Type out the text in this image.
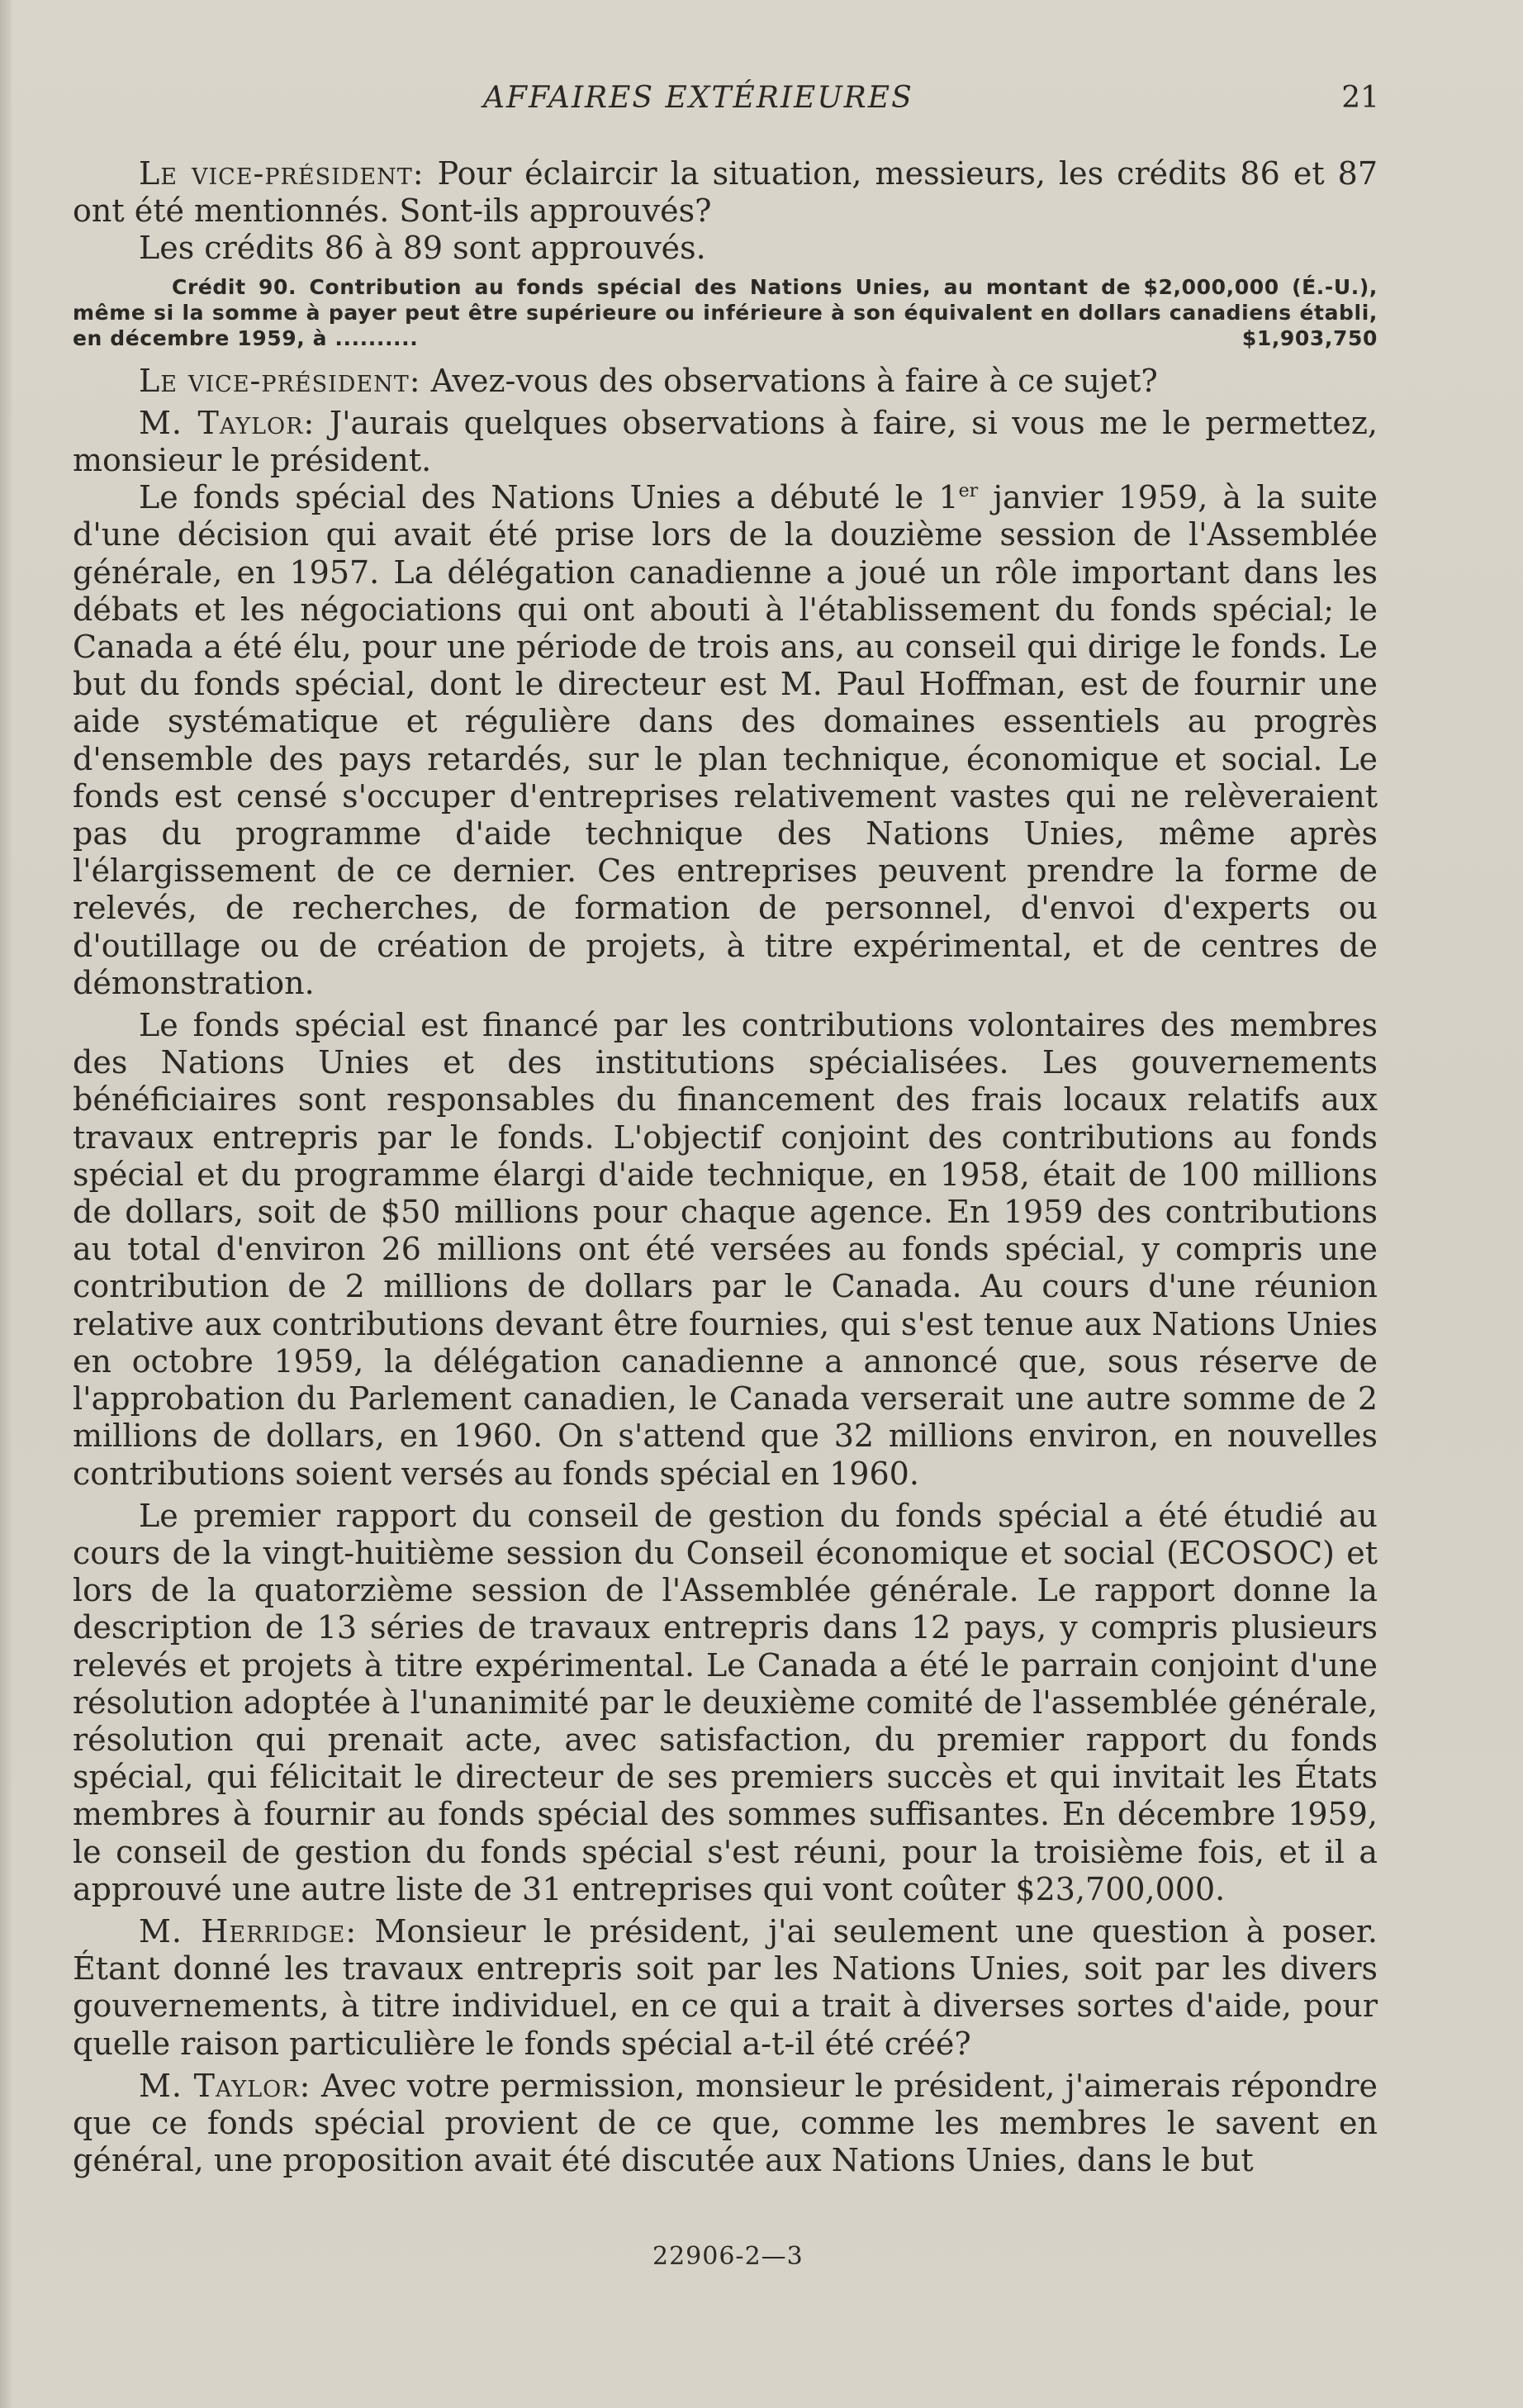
AFFAIRES EXTÉRIEURES	21

Le vice-président: Pour éclaircir la situation, messieurs, les crédits 86 et 87 ont été mentionnés. Sont-ils approuvés?

Les crédits 86 à 89 sont approuvés.

Crédit 90. Contribution au fonds spécial des Nations Unies, au montant de $2,000,000 (É.-U.), même si la somme à payer peut être supérieure ou inférieure à son équivalent en dollars canadiens établi, en décembre 1959, à ..........	$1,903,750

Le vice-président: Avez-vous des observations à faire à ce sujet?

M. Taylor: J'aurais quelques observations à faire, si vous me le permettez, monsieur le président.

Le fonds spécial des Nations Unies a débuté le 1er janvier 1959, à la suite d'une décision qui avait été prise lors de la douzième session de l'Assemblée générale, en 1957. La délégation canadienne a joué un rôle important dans les débats et les négociations qui ont abouti à l'établissement du fonds spécial; le Canada a été élu, pour une période de trois ans, au conseil qui dirige le fonds. Le but du fonds spécial, dont le directeur est M. Paul Hoffman, est de fournir une aide systématique et régulière dans des domaines essentiels au progrès d'ensemble des pays retardés, sur le plan technique, économique et social. Le fonds est censé s'occuper d'entreprises relativement vastes qui ne relèveraient pas du programme d'aide technique des Nations Unies, même après l'élargissement de ce dernier. Ces entreprises peuvent prendre la forme de relevés, de recherches, de formation de personnel, d'envoi d'experts ou d'outillage ou de création de projets, à titre expérimental, et de centres de démonstration.

Le fonds spécial est financé par les contributions volontaires des membres des Nations Unies et des institutions spécialisées. Les gouvernements bénéficiaires sont responsables du financement des frais locaux relatifs aux travaux entrepris par le fonds. L'objectif conjoint des contributions au fonds spécial et du programme élargi d'aide technique, en 1958, était de 100 millions de dollars, soit de $50 millions pour chaque agence. En 1959 des contributions au total d'environ 26 millions ont été versées au fonds spécial, y compris une contribution de 2 millions de dollars par le Canada. Au cours d'une réunion relative aux contributions devant être fournies, qui s'est tenue aux Nations Unies en octobre 1959, la délégation canadienne a annoncé que, sous réserve de l'approbation du Parlement canadien, le Canada verserait une autre somme de 2 millions de dollars, en 1960. On s'attend que 32 millions environ, en nouvelles contributions soient versés au fonds spécial en 1960.

Le premier rapport du conseil de gestion du fonds spécial a été étudié au cours de la vingt-huitième session du Conseil économique et social (ECOSOC) et lors de la quatorzième session de l'Assemblée générale. Le rapport donne la description de 13 séries de travaux entrepris dans 12 pays, y compris plusieurs relevés et projets à titre expérimental. Le Canada a été le parrain conjoint d'une résolution adoptée à l'unanimité par le deuxième comité de l'assemblée générale, résolution qui prenait acte, avec satisfaction, du premier rapport du fonds spécial, qui félicitait le directeur de ses premiers succès et qui invitait les États membres à fournir au fonds spécial des sommes suffisantes. En décembre 1959, le conseil de gestion du fonds spécial s'est réuni, pour la troisième fois, et il a approuvé une autre liste de 31 entreprises qui vont coûter $23,700,000.

M. Herridge: Monsieur le président, j'ai seulement une question à poser. Étant donné les travaux entrepris soit par les Nations Unies, soit par les divers gouvernements, à titre individuel, en ce qui a trait à diverses sortes d'aide, pour quelle raison particulière le fonds spécial a-t-il été créé?

M. Taylor: Avec votre permission, monsieur le président, j'aimerais répondre que ce fonds spécial provient de ce que, comme les membres le savent en général, une proposition avait été discutée aux Nations Unies, dans le but

22906-2—3
